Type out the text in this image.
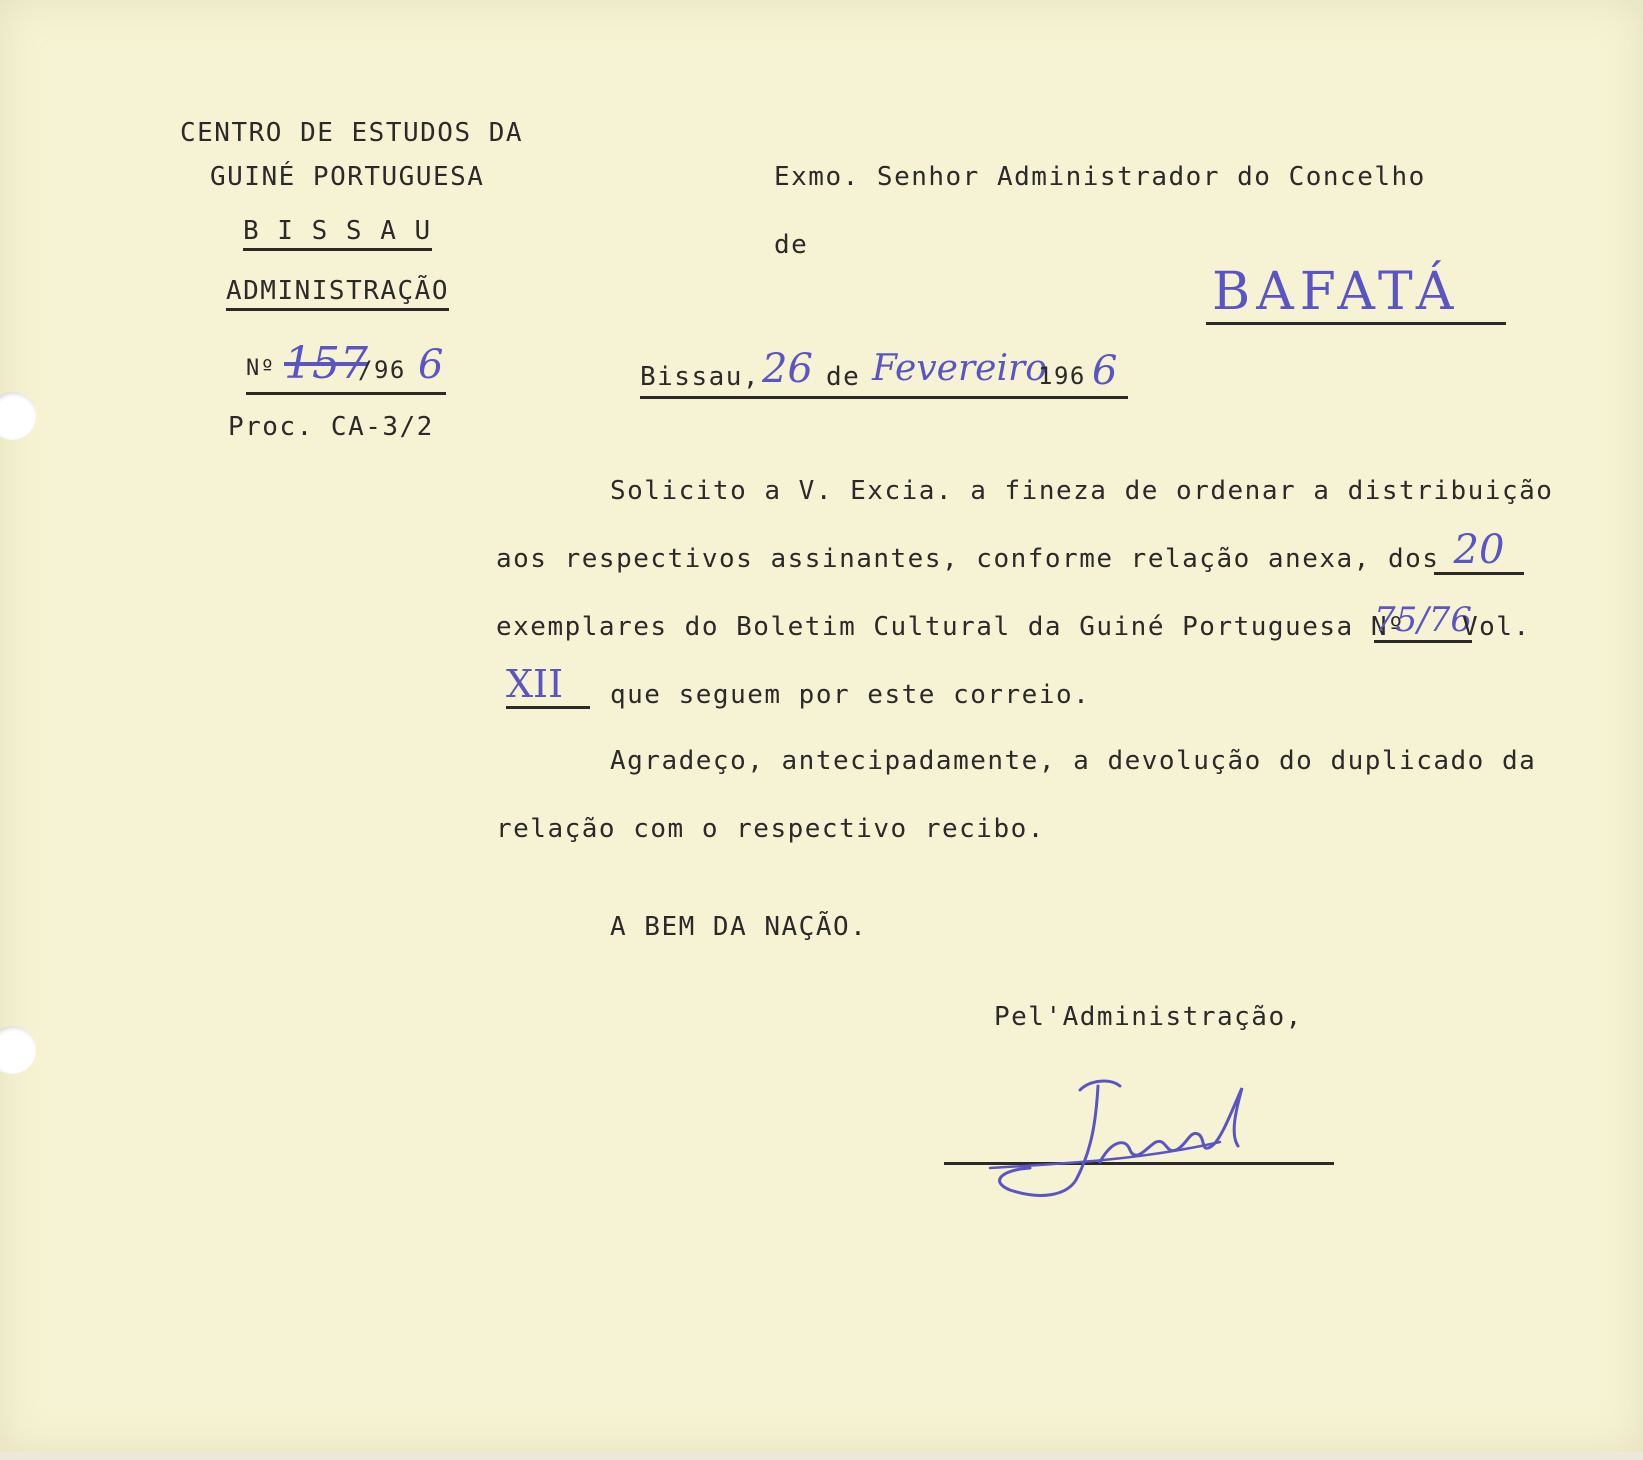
CENTRO DE ESTUDOS DA
GUINÉ PORTUGUESA
B I S S A U
ADMINISTRAÇÃO
Nº 157
/96 6
Proc. CA-3/2
Exmo. Senhor Administrador do Concelho
de
BAFATÁ
Bissau, 26 de Fevereiro
196 6
Solicito a V. Excia. a fineza de ordenar a distribuição
aos respectivos assinantes, conforme relação anexa, dos 20
exemplares do Boletim Cultural da Guiné Portuguesa Nº
75/76
Vol.
XII	que seguem por este correio.
Agradeço, antecipadamente, a devolução do duplicado da
relação com o respectivo recibo.
A BEM DA NAÇÃO.
Pel'Administração,
